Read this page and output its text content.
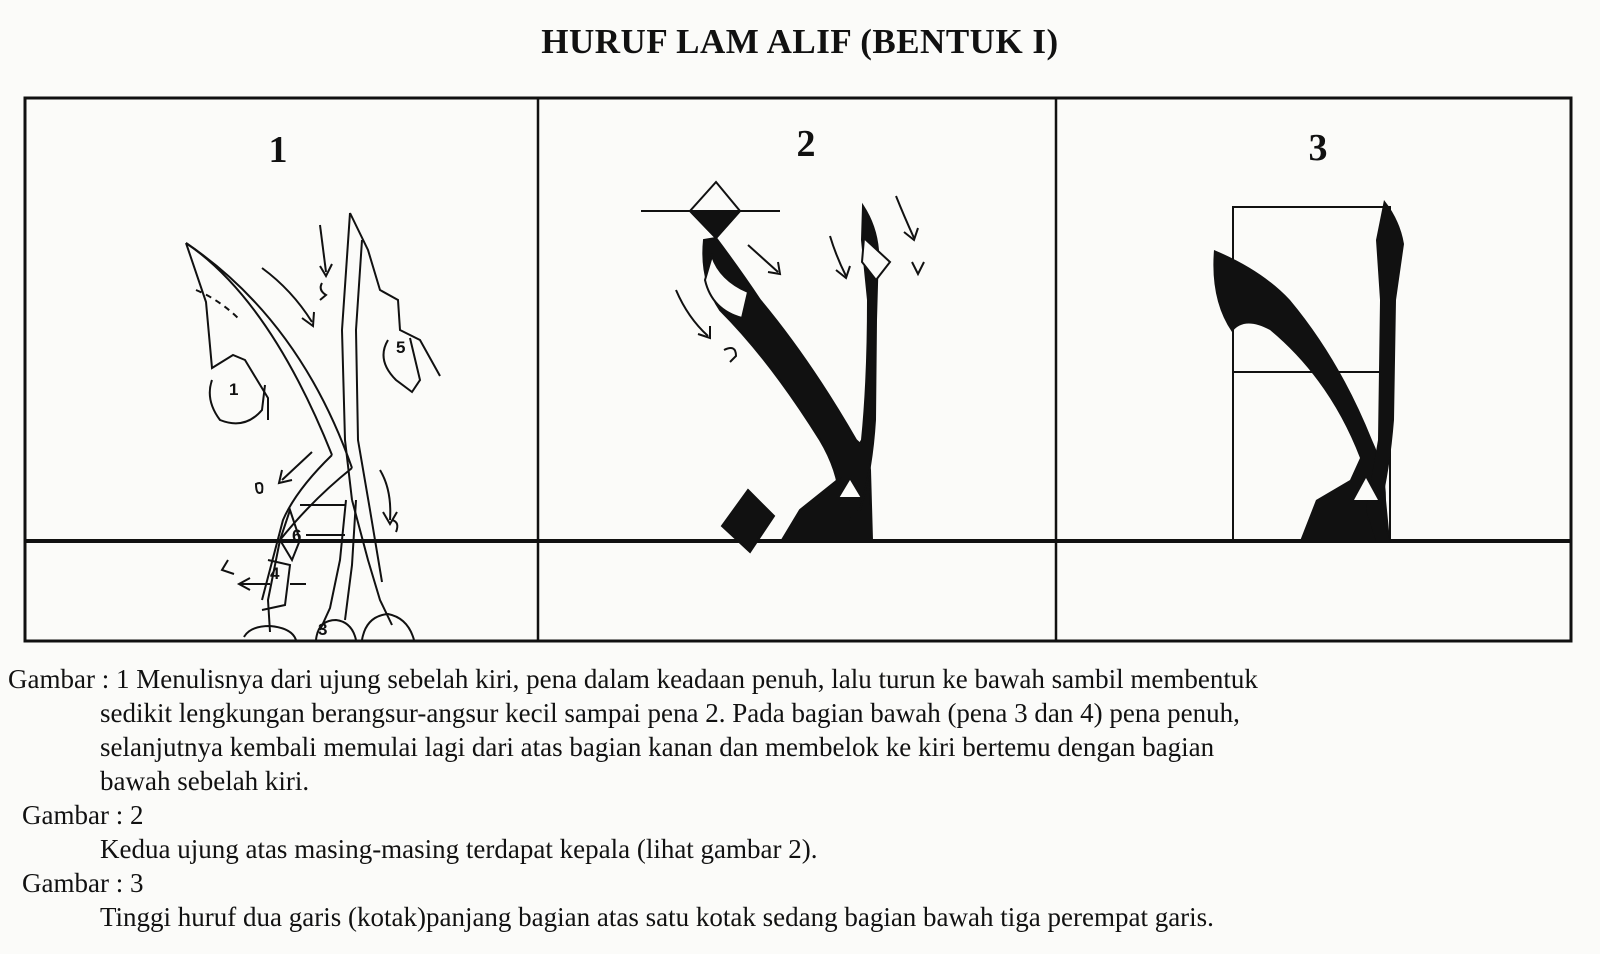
HURUF LAM ALIF (BENTUK I)
1	2	3
1
5
6
4
3

Gambar : 1 Menulisnya dari ujung sebelah kiri, pena dalam keadaan penuh, lalu turun ke bawah sambil membentuk

sedikit lengkungan berangsur-angsur kecil sampai pena 2. Pada bagian bawah (pena 3 dan 4) pena penuh,

selanjutnya kembali memulai lagi dari atas bagian kanan dan membelok ke kiri bertemu dengan bagian

bawah sebelah kiri.

Gambar : 2

Kedua ujung atas masing-masing terdapat kepala (lihat gambar 2).

Gambar : 3

Tinggi huruf dua garis (kotak)panjang bagian atas satu kotak sedang bagian bawah tiga perempat garis.
